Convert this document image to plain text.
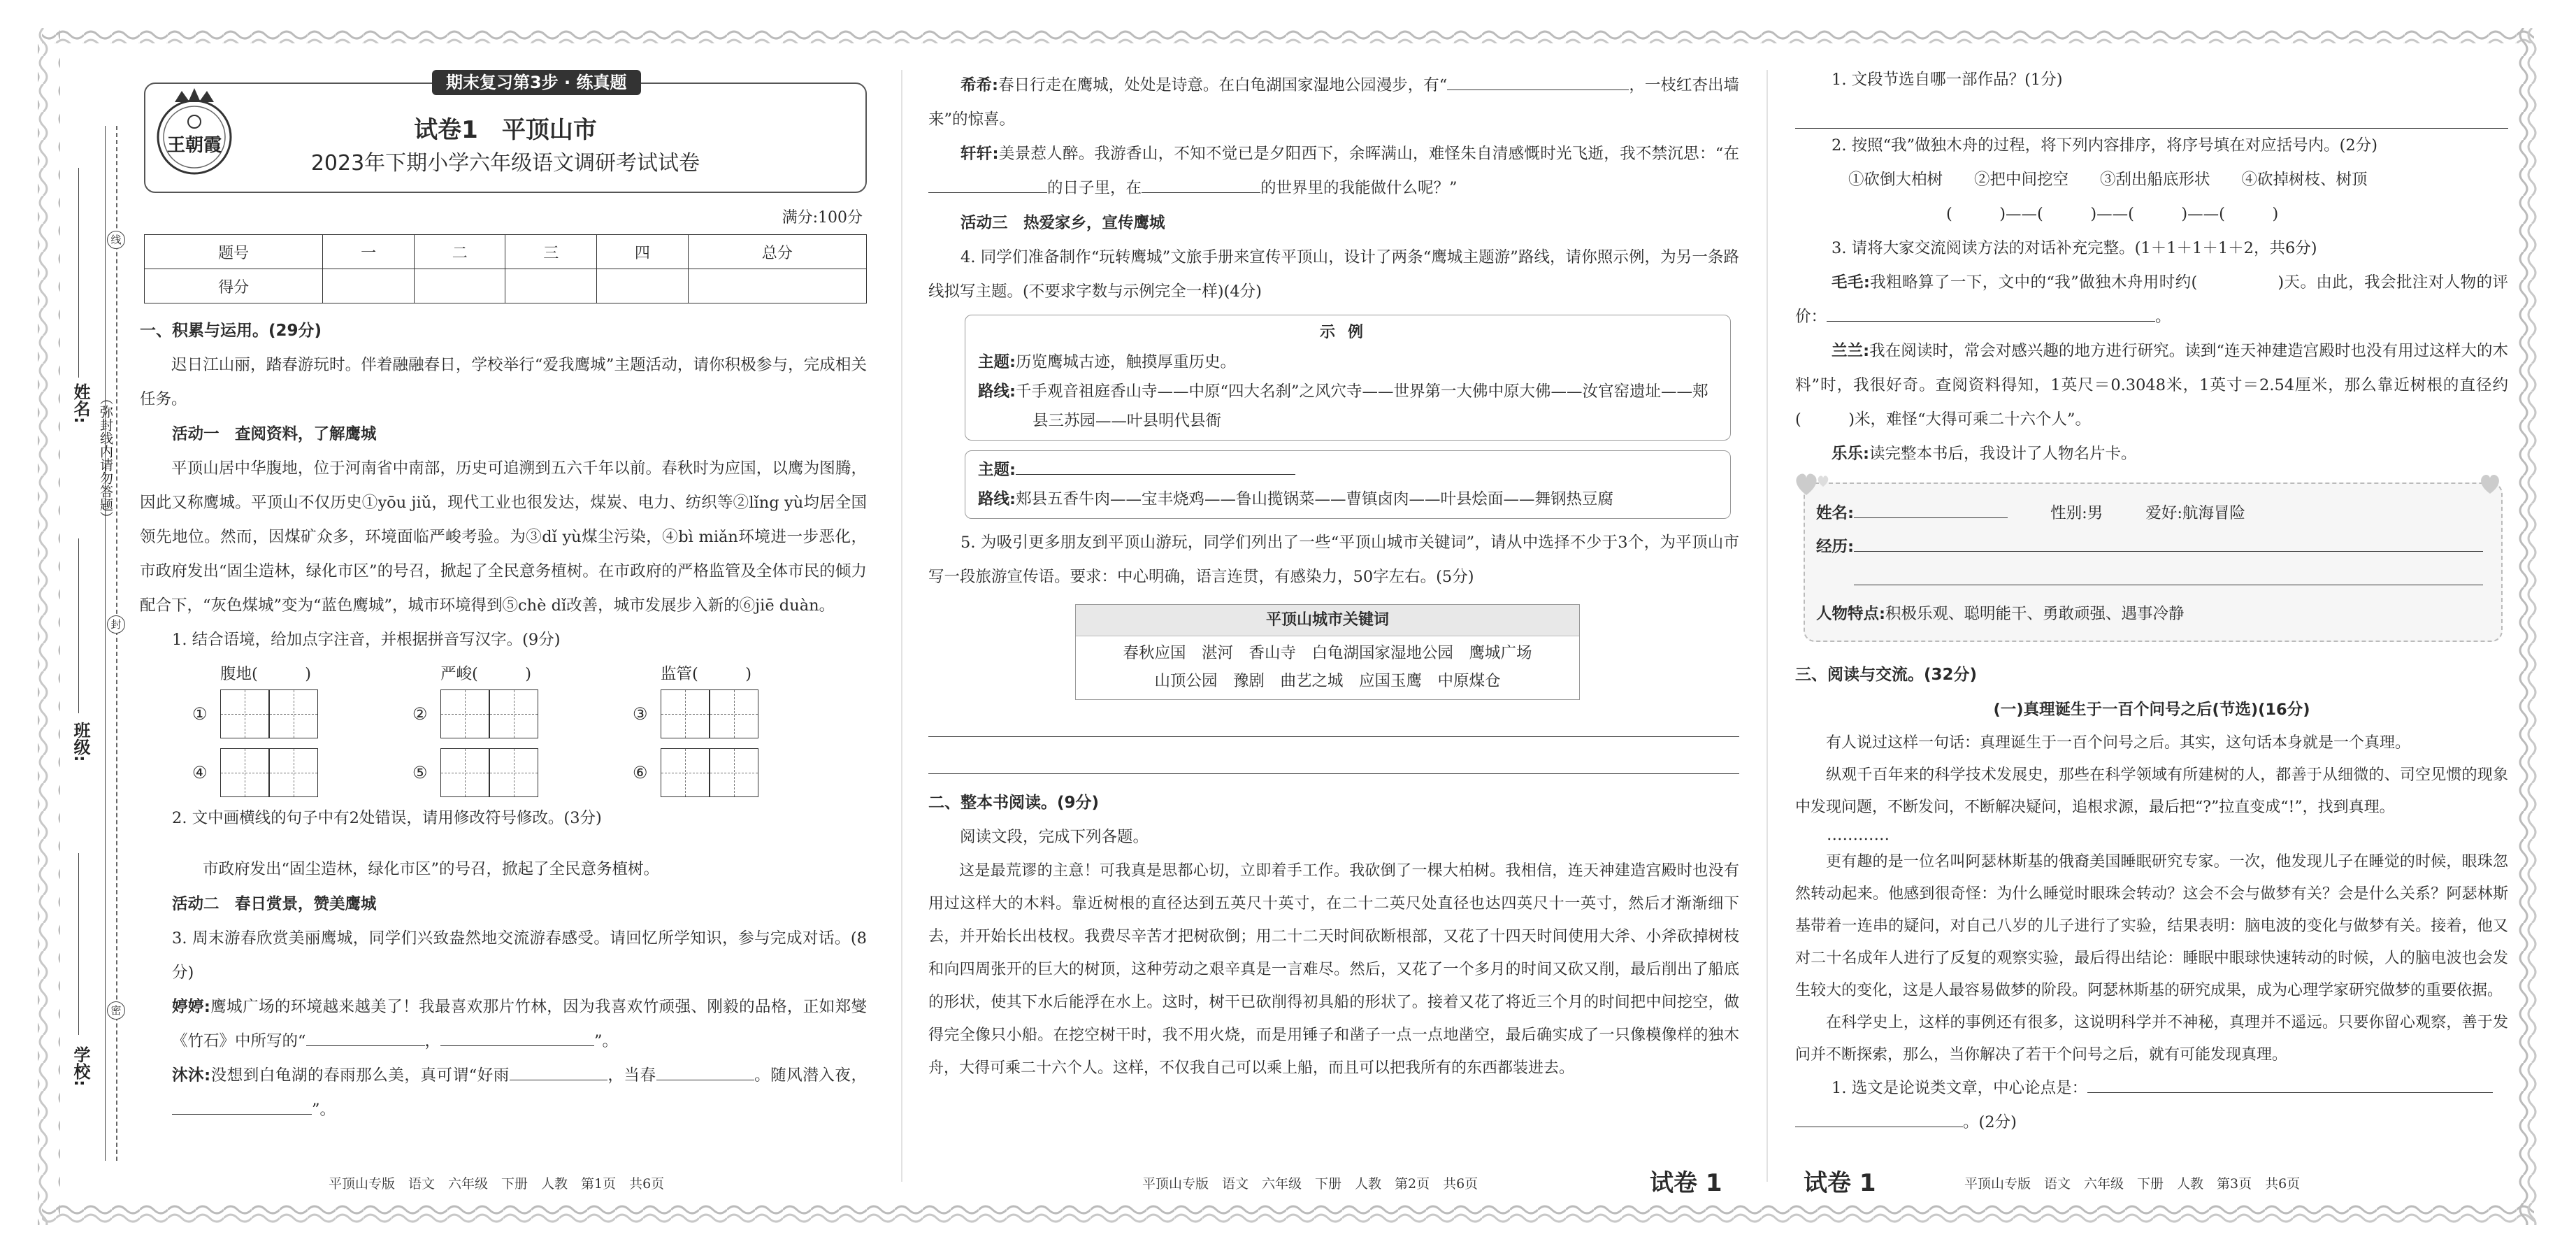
线
封
密
姓名: （弥封线内请勿答题）
班级:
学校:
王朝霞
期末复习第3步 · 练真题
试卷1　平顶山市
2023年下期小学六年级语文调研考试试卷
满分:100分
题号	一	二	三	四	总分
得分					
一、积累与运用。(29分)
迟日江山丽，踏春游玩时。伴着融融春日，学校举行“爱我鹰城”主题活动，请你积极参与，完成相关任务。
活动一　查阅资料，了解鹰城
平顶山居中华腹地，位于河南省中南部，历史可追溯到五六千年以前。春秋时为应国，以鹰为图腾，因此又称鹰城。平顶山不仅历史①yōu jiǔ，现代工业也很发达，煤炭、电力、纺织等②lǐng yù均居全国领先地位。然而，因煤矿众多，环境面临严峻考验。为③dǐ yù煤尘污染，④bì miǎn环境进一步恶化，市政府发出“固尘造林，绿化市区”的号召，掀起了全民意务植树。在市政府的严格监管及全体市民的倾力配合下，“灰色煤城”变为“蓝色鹰城”，城市环境得到⑤chè dǐ改善，城市发展步入新的⑥jiē duàn。
1. 结合语境，给加点字注音，并根据拼音写汉字。(9分)
腹地(　　　)
①
严峻(　　　)
②
监管(　　　)
③
④	⑤	⑥
2. 文中画横线的句子中有2处错误，请用修改符号修改。(3分)
市政府发出“固尘造林，绿化市区”的号召，掀起了全民意务植树。
活动二　春日赏景，赞美鹰城
3. 周末游春欣赏美丽鹰城，同学们兴致盎然地交流游春感受。请回忆所学知识，参与完成对话。(8分)
婷婷:鹰城广场的环境越来越美了！我最喜欢那片竹林，因为我喜欢竹顽强、刚毅的品格，正如郑燮《竹石》中所写的“	，	”。
沐沐:没想到白龟湖的春雨那么美，真可谓“好雨	，当春	。随风潜入夜，”。
平顶山专版　语文　六年级　下册　人教　第1页　共6页
希希:春日行走在鹰城，处处是诗意。在白龟湖国家湿地公园漫步，有“	，一枝红杏出墙来”的惊喜。
轩轩:美景惹人醉。我游香山，不知不觉已是夕阳西下，余晖满山，难怪朱自清感慨时光飞逝，我不禁沉思：“在的日子里，在	的世界里的我能做什么呢？”
活动三　热爱家乡，宣传鹰城
4. 同学们准备制作“玩转鹰城”文旅手册来宣传平顶山，设计了两条“鹰城主题游”路线，请你照示例，为另一条路线拟写主题。(不要求字数与示例完全一样)(4分)
示例
主题:历览鹰城古迹，触摸厚重历史。
路线:千手观音祖庭香山寺——中原“四大名刹”之风穴寺——世界第一大佛中原大佛——汝官窑遗址——郏县三苏园——叶县明代县衙
主题:
路线:郏县五香牛肉——宝丰烧鸡——鲁山揽锅菜——曹镇卤肉——叶县烩面——舞钢热豆腐
5. 为吸引更多朋友到平顶山游玩，同学们列出了一些“平顶山城市关键词”，请从中选择不少于3个，为平顶山市写一段旅游宣传语。要求：中心明确，语言连贯，有感染力，50字左右。(5分)
平顶山城市关键词
春秋应国　湛河　香山寺　白龟湖国家湿地公园　鹰城广场
山顶公园　豫剧　曲艺之城　应国玉鹰　中原煤仓
二、整本书阅读。(9分)
阅读文段，完成下列各题。
这是最荒谬的主意！可我真是思都心切，立即着手工作。我砍倒了一棵大柏树。我相信，连天神建造宫殿时也没有用过这样大的木料。靠近树根的直径达到五英尺十英寸，在二十二英尺处直径也达四英尺十一英寸，然后才渐渐细下去，并开始长出枝杈。我费尽辛苦才把树砍倒；用二十二天时间砍断根部，又花了十四天时间使用大斧、小斧砍掉树枝和向四周张开的巨大的树顶，这种劳动之艰辛真是一言难尽。然后，又花了一个多月的时间又砍又削，最后削出了船底的形状，使其下水后能浮在水上。这时，树干已砍削得初具船的形状了。接着又花了将近三个月的时间把中间挖空，做得完全像只小船。在挖空树干时，我不用火烧，而是用锤子和凿子一点一点地凿空，最后确实成了一只像模像样的独木舟，大得可乘二十六个人。这样，不仅我自己可以乘上船，而且可以把我所有的东西都装进去。
平顶山专版　语文　六年级　下册　人教　第2页　共6页	试卷 1
1. 文段节选自哪一部作品？(1分)
2. 按照“我”做独木舟的过程，将下列内容排序，将序号填在对应括号内。(2分)
①砍倒大柏树　　②把中间挖空　　③刮出船底形状　　④砍掉树枝、树顶
(　　　)——(　　　)——(　　　)——(　　　)
3. 请将大家交流阅读方法的对话补充完整。(1＋1＋1＋1＋2，共6分)
毛毛:我粗略算了一下，文中的“我”做独木舟用时约(　　　　　)天。由此，我会批注对人物的评价：	。
兰兰:我在阅读时，常会对感兴趣的地方进行研究。读到“连天神建造宫殿时也没有用过这样大的木料”时，我很好奇。查阅资料得知，1英尺＝0.3048米，1英寸＝2.54厘米，那么靠近树根的直径约(　　　)米，难怪“大得可乘二十六个人”。
乐乐:读完整本书后，我设计了人物名片卡。
姓名:	性别:男	爱好:航海冒险
经历:
人物特点:积极乐观、聪明能干、勇敢顽强、遇事冷静
三、阅读与交流。(32分)
(一)真理诞生于一百个问号之后(节选)(16分)
有人说过这样一句话：真理诞生于一百个问号之后。其实，这句话本身就是一个真理。
纵观千百年来的科学技术发展史，那些在科学领域有所建树的人，都善于从细微的、司空见惯的现象中发现问题，不断发问，不断解决疑问，追根求源，最后把“?”拉直变成“!”，找到真理。
…………
更有趣的是一位名叫阿瑟林斯基的俄裔美国睡眠研究专家。一次，他发现儿子在睡觉的时候，眼珠忽然转动起来。他感到很奇怪：为什么睡觉时眼珠会转动？这会不会与做梦有关？会是什么关系？阿瑟林斯基带着一连串的疑问，对自己八岁的儿子进行了实验，结果表明：脑电波的变化与做梦有关。接着，他又对二十名成年人进行了反复的观察实验，最后得出结论：睡眠中眼球快速转动的时候，人的脑电波也会发生较大的变化，这是人最容易做梦的阶段。阿瑟林斯基的研究成果，成为心理学家研究做梦的重要依据。
在科学史上，这样的事例还有很多，这说明科学并不神秘，真理并不遥远。只要你留心观察，善于发问并不断探索，那么，当你解决了若干个问号之后，就有可能发现真理。
1. 选文是论说类文章，中心论点是：
。(2分)
试卷 1	平顶山专版　语文　六年级　下册　人教　第3页　共6页
